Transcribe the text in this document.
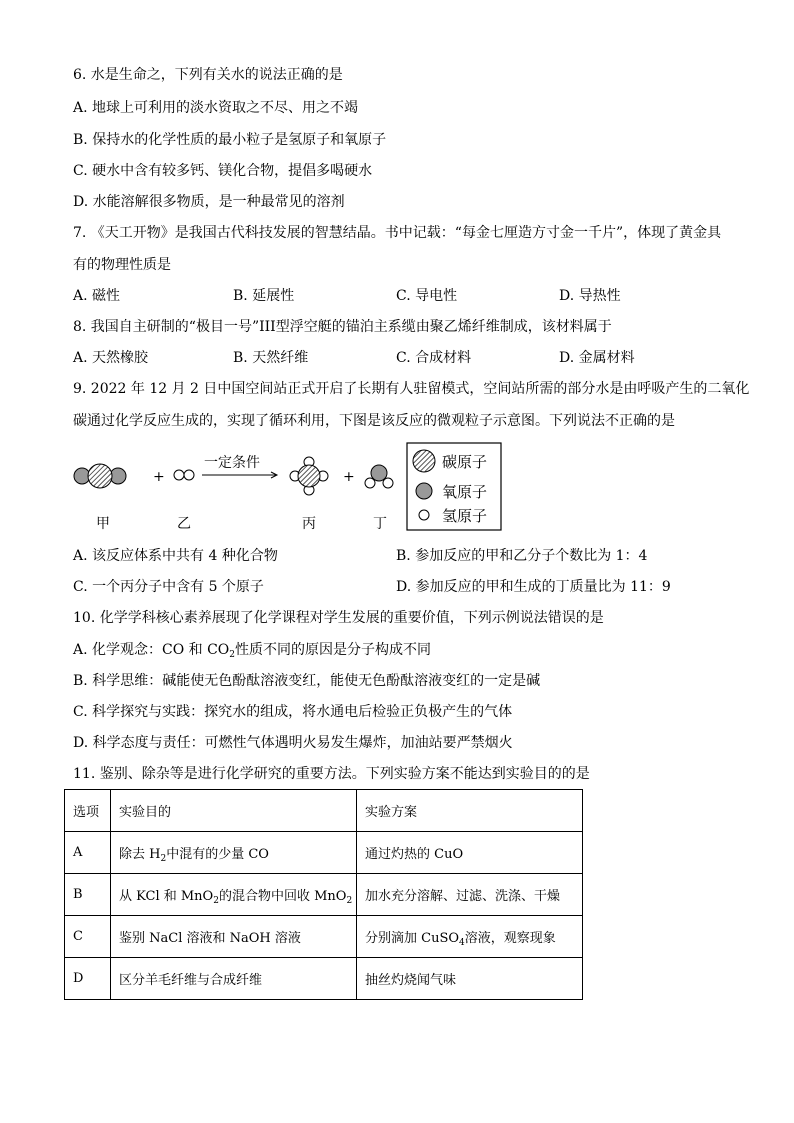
6. 水是生命之，下列有关水的说法正确的是
A. 地球上可利用的淡水资取之不尽、用之不竭
B. 保持水的化学性质的最小粒子是氢原子和氧原子
C. 硬水中含有较多钙、镁化合物，提倡多喝硬水
D. 水能溶解很多物质，是一种最常见的溶剂
7. 《天工开物》是我国古代科技发展的智慧结晶。书中记载：“每金七厘造方寸金一千片”，体现了黄金具
有的物理性质是
A. 磁性	B. 延展性	C. 导电性	D. 导热性
8. 我国自主研制的“极目一号”III型浮空艇的锚泊主系缆由聚乙烯纤维制成，该材料属于
A. 天然橡胶	B. 天然纤维	C. 合成材料	D. 金属材料
9. 2022 年 12 月 2 日中国空间站正式开启了长期有人驻留模式，空间站所需的部分水是由呼吸产生的二氧化
碳通过化学反应生成的，实现了循环利用，下图是该反应的微观粒子示意图。下列说法不正确的是
+
一定条件
+
甲	乙	丙	丁
碳原子
氧原子
氢原子
A. 该反应体系中共有 4 种化合物	B. 参加反应的甲和乙分子个数比为 1：4
C. 一个丙分子中含有 5 个原子	D. 参加反应的甲和生成的丁质量比为 11：9
10. 化学学科核心素养展现了化学课程对学生发展的重要价值，下列示例说法错误的是
A. 化学观念：CO 和 $CO_2$性质不同的原因是分子构成不同
B. 科学思维：碱能使无色酚酞溶液变红，能使无色酚酞溶液变红的一定是碱
C. 科学探究与实践：探究水的组成，将水通电后检验正负极产生的气体
D. 科学态度与责任：可燃性气体遇明火易发生爆炸，加油站要严禁烟火
11. 鉴别、除杂等是进行化学研究的重要方法。下列实验方案不能达到实验目的的是
选项	实验目的	实验方案
A	除去 $H_2$中混有的少量 CO	通过灼热的 CuO
B	从 KCl 和 MnO$_2$的混合物中回收 MnO$_2$	加水充分溶解、过滤、洗涤、干燥
C	鉴别 NaCl 溶液和 NaOH 溶液	分别滴加 CuSO$_4$溶液，观察现象
D	区分羊毛纤维与合成纤维	抽丝灼烧闻气味
